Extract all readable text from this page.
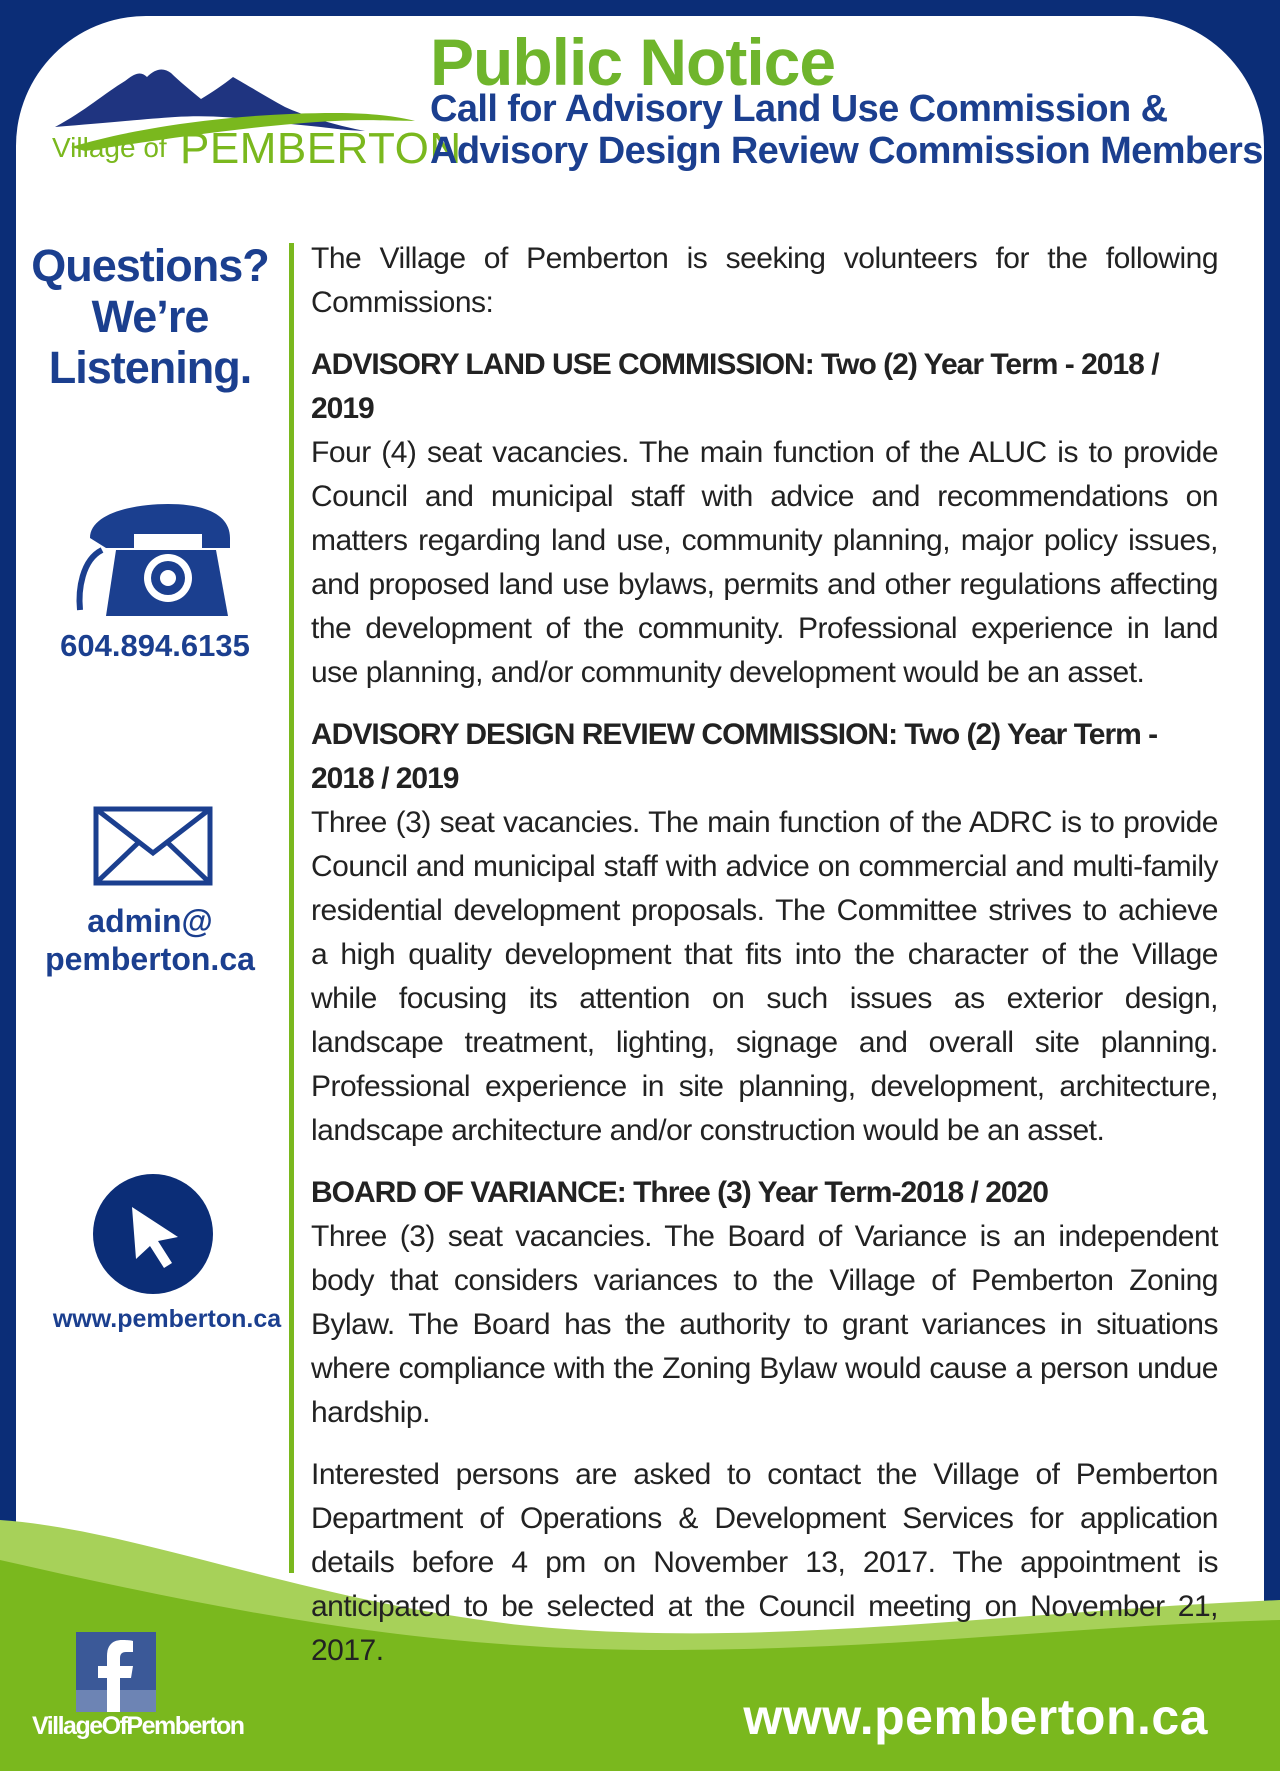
Village of PEMBERTON
Public Notice
Call for Advisory Land Use Commission &
Advisory Design Review Commission Members
Questions?
We’re
Listening.
604.894.6135
admin@
pemberton.ca
www.pemberton.ca

The Village of Pemberton is seeking volunteers for the following Commissions:

ADVISORY LAND USE COMMISSION: Two (2) Year Term - 2018 / 2019

Four (4) seat vacancies. The main function of the ALUC is to provide Council and municipal staff with advice and recommendations on matters regarding land use, community planning, major policy issues, and proposed land use bylaws, permits and other regulations affecting the development of the community. Professional experience in land use planning, and/or community development would be an asset.

ADVISORY DESIGN REVIEW COMMISSION: Two (2) Year Term - 2018 / 2019

Three (3) seat vacancies. The main function of the ADRC is to provide Council and municipal staff with advice on commercial and multi-family residential development proposals. The Committee strives to achieve a high quality development that fits into the character of the Village while focusing its attention on such issues as exterior design, landscape treatment, lighting, signage and overall site planning. Professional experience in site planning, development, architecture, landscape architecture and/or construction would be an asset.

BOARD OF VARIANCE: Three (3) Year Term-2018 / 2020

Three (3) seat vacancies. The Board of Variance is an independent body that considers variances to the Village of Pemberton Zoning Bylaw. The Board has the authority to grant variances in situations where compliance with the Zoning Bylaw would cause a person undue hardship.

Interested persons are asked to contact the Village of Pemberton Department of Operations & Development Services for application details before 4 pm on November 13, 2017. The appointment is anticipated to be selected at the Council meeting on November 21, 2017.

VillageOfPemberton	www.pemberton.ca
